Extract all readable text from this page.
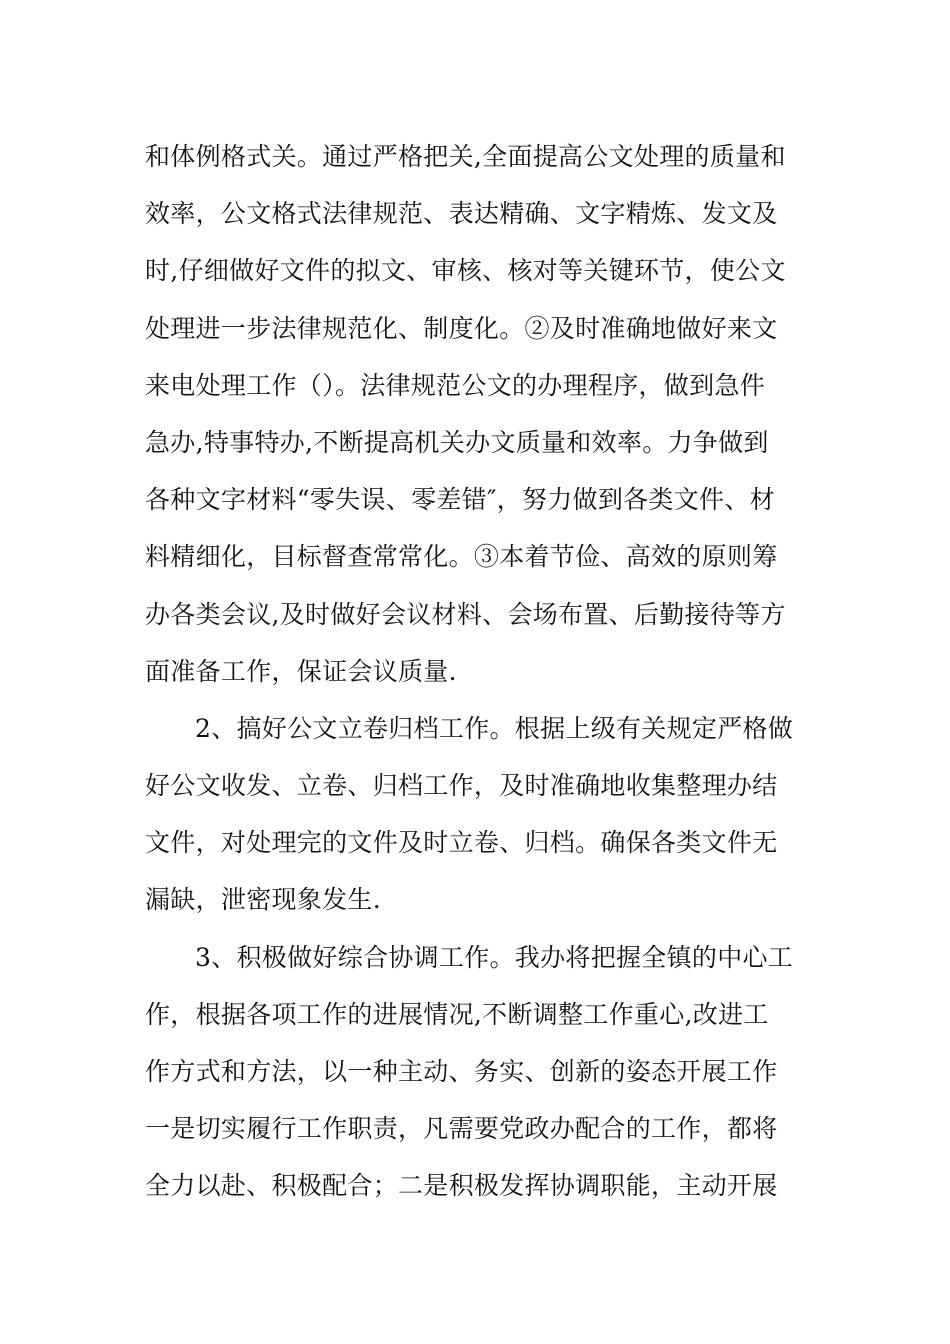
和体例格式关。通过严格把关,全面提高公文处理的质量和
效率，公文格式法律规范、表达精确、文字精炼、发文及
时,仔细做好文件的拟文、审核、核对等关键环节，使公文
处理进一步法律规范化、制度化。②及时准确地做好来文
来电处理工作（）。法律规范公文的办理程序，做到急件
急办,特事特办,不断提高机关办文质量和效率。力争做到
各种文字材料“零失误、零差错″，努力做到各类文件、材
料精细化，目标督查常常化。③本着节俭、高效的原则筹
办各类会议,及时做好会议材料、会场布置、后勤接待等方
面准备工作，保证会议质量.
2、搞好公文立卷归档工作。根据上级有关规定严格做
好公文收发、立卷、归档工作，及时准确地收集整理办结
文件，对处理完的文件及时立卷、归档。确保各类文件无
漏缺，泄密现象发生.
3、积极做好综合协调工作。我办将把握全镇的中心工
作，根据各项工作的进展情况,不断调整工作重心,改进工
作方式和方法，以一种主动、务实、创新的姿态开展工作
一是切实履行工作职责，凡需要党政办配合的工作，都将
全力以赴、积极配合；二是积极发挥协调职能，主动开展
